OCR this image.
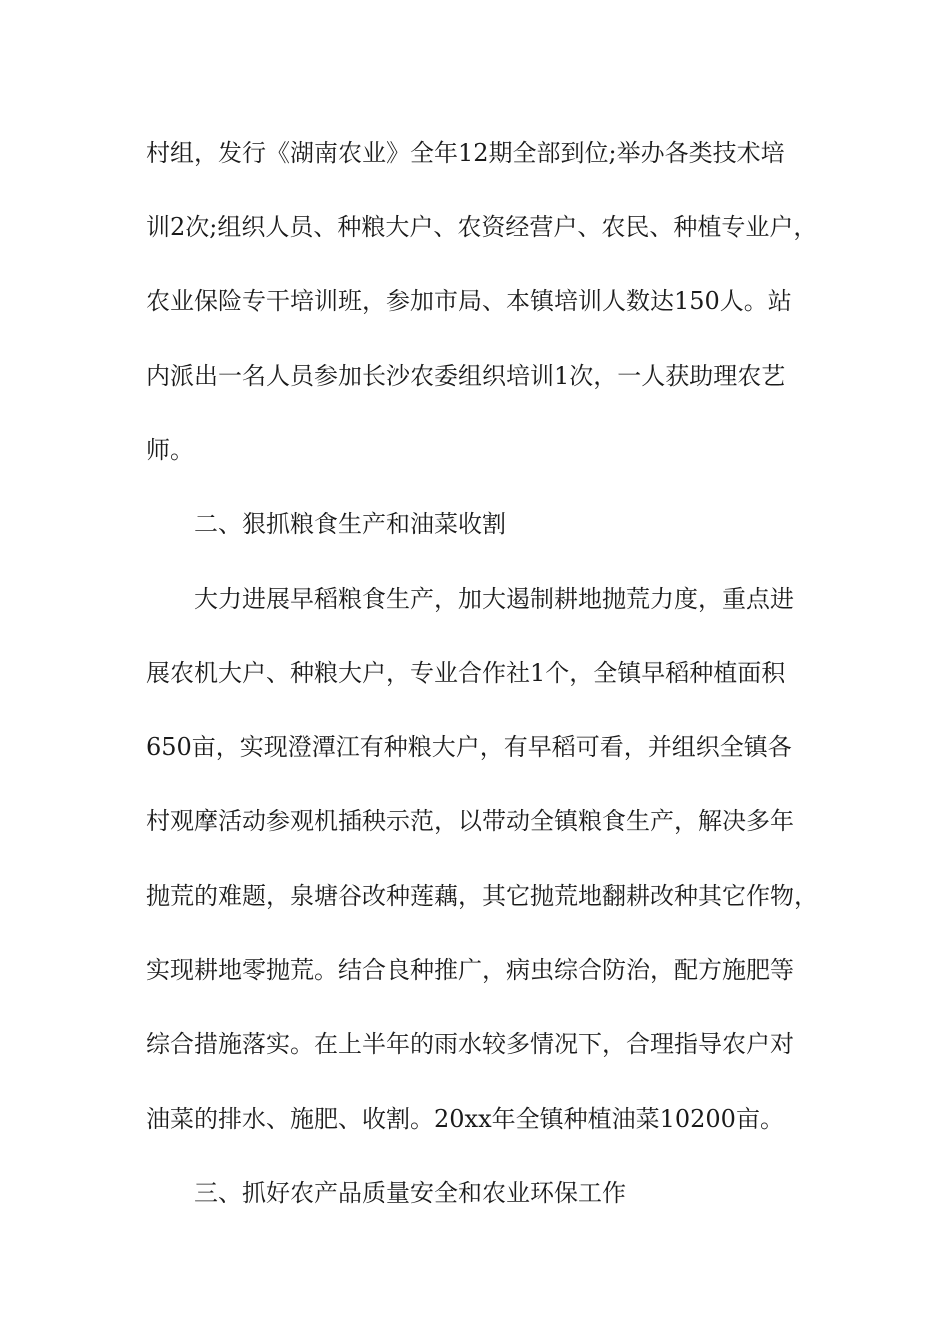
村组，发行《湖南农业》全年12期全部到位;举办各类技术培
训2次;组织人员、种粮大户、农资经营户、农民、种植专业户，
农业保险专干培训班，参加市局、本镇培训人数达150人。站
内派出一名人员参加长沙农委组织培训1次，一人获助理农艺
师。
二、狠抓粮食生产和油菜收割
大力进展早稻粮食生产，加大遏制耕地抛荒力度，重点进
展农机大户、种粮大户，专业合作社1个，全镇早稻种植面积
650亩，实现澄潭江有种粮大户，有早稻可看，并组织全镇各
村观摩活动参观机插秧示范，以带动全镇粮食生产，解决多年
抛荒的难题，泉塘谷改种莲藕，其它抛荒地翻耕改种其它作物，
实现耕地零抛荒。结合良种推广，病虫综合防治，配方施肥等
综合措施落实。在上半年的雨水较多情况下，合理指导农户对
油菜的排水、施肥、收割。20xx年全镇种植油菜10200亩。
三、抓好农产品质量安全和农业环保工作
